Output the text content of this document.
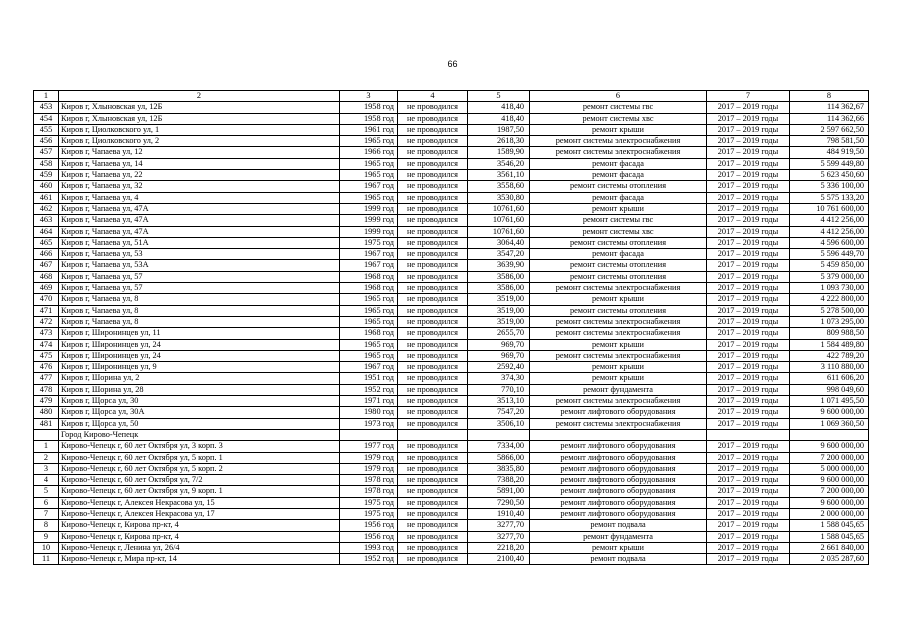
66
1	2	3	4	5	6	7	8
453	Киров г, Хлыновская ул, 12Б	1958 год	не проводился	418,40	ремонт системы гвс	2017 – 2019 годы	114 362,67
454	Киров г, Хлыновская ул, 12Б	1958 год	не проводился	418,40	ремонт системы хвс	2017 – 2019 годы	114 362,66
455	Киров г, Циолковского ул, 1	1961 год	не проводился	1987,50	ремонт крыши	2017 – 2019 годы	2 597 662,50
456	Киров г, Циолковского ул, 2	1965 год	не проводился	2618,30	ремонт системы электроснабжения	2017 – 2019 годы	798 581,50
457	Киров г, Чапаева ул, 12	1966 год	не проводился	1589,90	ремонт системы электроснабжения	2017 – 2019 годы	484 919,50
458	Киров г, Чапаева ул, 14	1965 год	не проводился	3546,20	ремонт фасада	2017 – 2019 годы	5 599 449,80
459	Киров г, Чапаева ул, 22	1965 год	не проводился	3561,10	ремонт фасада	2017 – 2019 годы	5 623 450,60
460	Киров г, Чапаева ул, 32	1967 год	не проводился	3558,60	ремонт системы отопления	2017 – 2019 годы	5 336 100,00
461	Киров г, Чапаева ул, 4	1965 год	не проводился	3530,80	ремонт фасада	2017 – 2019 годы	5 575 133,20
462	Киров г, Чапаева ул, 47А	1999 год	не проводился	10761,60	ремонт крыши	2017 – 2019 годы	10 761 600,00
463	Киров г, Чапаева ул, 47А	1999 год	не проводился	10761,60	ремонт системы гвс	2017 – 2019 годы	4 412 256,00
464	Киров г, Чапаева ул, 47А	1999 год	не проводился	10761,60	ремонт системы хвс	2017 – 2019 годы	4 412 256,00
465	Киров г, Чапаева ул, 51А	1975 год	не проводился	3064,40	ремонт системы отопления	2017 – 2019 годы	4 596 600,00
466	Киров г, Чапаева ул, 53	1967 год	не проводился	3547,20	ремонт фасада	2017 – 2019 годы	5 596 449,70
467	Киров г, Чапаева ул, 53А	1967 год	не проводился	3639,90	ремонт системы отопления	2017 – 2019 годы	5 459 850,00
468	Киров г, Чапаева ул, 57	1968 год	не проводился	3586,00	ремонт системы отопления	2017 – 2019 годы	5 379 000,00
469	Киров г, Чапаева ул, 57	1968 год	не проводился	3586,00	ремонт системы электроснабжения	2017 – 2019 годы	1 093 730,00
470	Киров г, Чапаева ул, 8	1965 год	не проводился	3519,00	ремонт крыши	2017 – 2019 годы	4 222 800,00
471	Киров г, Чапаева ул, 8	1965 год	не проводился	3519,00	ремонт системы отопления	2017 – 2019 годы	5 278 500,00
472	Киров г, Чапаева ул, 8	1965 год	не проводился	3519,00	ремонт системы электроснабжения	2017 – 2019 годы	1 073 295,00
473	Киров г, Широнинцев ул, 11	1968 год	не проводился	2655,70	ремонт системы электроснабжения	2017 – 2019 годы	809 988,50
474	Киров г, Широнинцев ул, 24	1965 год	не проводился	969,70	ремонт крыши	2017 – 2019 годы	1 584 489,80
475	Киров г, Широнинцев ул, 24	1965 год	не проводился	969,70	ремонт системы электроснабжения	2017 – 2019 годы	422 789,20
476	Киров г, Широнинцев ул, 9	1967 год	не проводился	2592,40	ремонт крыши	2017 – 2019 годы	3 110 880,00
477	Киров г, Шорина ул, 2	1951 год	не проводился	374,30	ремонт крыши	2017 – 2019 годы	611 606,20
478	Киров г, Шорина ул, 28	1952 год	не проводился	770,10	ремонт фундамента	2017 – 2019 годы	998 049,60
479	Киров г, Щорса ул, 30	1971 год	не проводился	3513,10	ремонт системы электроснабжения	2017 – 2019 годы	1 071 495,50
480	Киров г, Щорса ул, 30А	1980 год	не проводился	7547,20	ремонт лифтового оборудования	2017 – 2019 годы	9 600 000,00
481	Киров г, Щорса ул, 50	1973 год	не проводился	3506,10	ремонт системы электроснабжения	2017 – 2019 годы	1 069 360,50
	Город Кирово-Чепецк						
1	Кирово-Чепецк г, 60 лет Октября ул, 3 корп. 3	1977 год	не проводился	7334,00	ремонт лифтового оборудования	2017 – 2019 годы	9 600 000,00
2	Кирово-Чепецк г, 60 лет Октября ул, 5 корп. 1	1979 год	не проводился	5866,00	ремонт лифтового оборудования	2017 – 2019 годы	7 200 000,00
3	Кирово-Чепецк г, 60 лет Октября ул, 5 корп. 2	1979 год	не проводился	3835,80	ремонт лифтового оборудования	2017 – 2019 годы	5 000 000,00
4	Кирово-Чепецк г, 60 лет Октября ул, 7/2	1978 год	не проводился	7388,20	ремонт лифтового оборудования	2017 – 2019 годы	9 600 000,00
5	Кирово-Чепецк г, 60 лет Октября ул, 9 корп. 1	1978 год	не проводился	5891,00	ремонт лифтового оборудования	2017 – 2019 годы	7 200 000,00
6	Кирово-Чепецк г, Алексея Некрасова ул, 15	1975 год	не проводился	7290,50	ремонт лифтового оборудования	2017 – 2019 годы	9 600 000,00
7	Кирово-Чепецк г, Алексея Некрасова ул, 17	1975 год	не проводился	1910,40	ремонт лифтового оборудования	2017 – 2019 годы	2 000 000,00
8	Кирово-Чепецк г, Кирова пр-кт, 4	1956 год	не проводился	3277,70	ремонт подвала	2017 – 2019 годы	1 588 045,65
9	Кирово-Чепецк г, Кирова пр-кт, 4	1956 год	не проводился	3277,70	ремонт фундамента	2017 – 2019 годы	1 588 045,65
10	Кирово-Чепецк г, Ленина ул, 26/4	1993 год	не проводился	2218,20	ремонт крыши	2017 – 2019 годы	2 661 840,00
11	Кирово-Чепецк г, Мира пр-кт, 14	1952 год	не проводился	2100,40	ремонт подвала	2017 – 2019 годы	2 035 287,60
